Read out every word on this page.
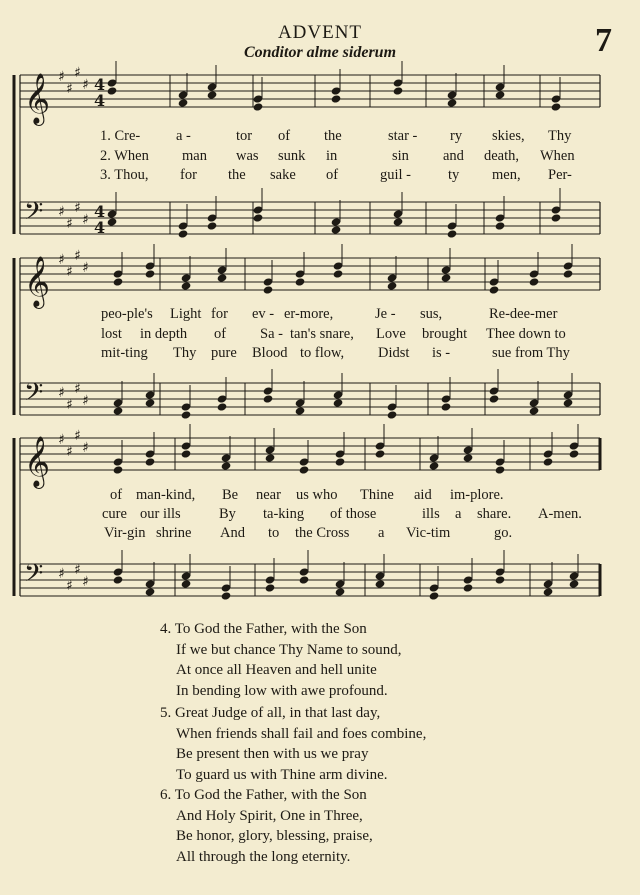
ADVENT
Conditor alme siderum	7
𝄞 ♯
♯
♯
♯ 4
4
𝄢 ♯
♯
♯
♯ 4
4
𝄞 ♯
♯
♯
♯
𝄢 ♯
♯
♯
♯
𝄞 ♯
♯
♯
♯
𝄢 ♯
♯
♯
♯
1. Cre- a -	tor of the	star - ry skies, Thy
2. When man was sunk in	sin and death, When
3. Thou, for the sake of	guil -	ty men, Per-
peo-ple's Light for ev - er-more,	Je - sus,	Re-dee-mer
lost in depth of Sa - tan's snare, Love brought Thee down to
mit-ting Thy pure Blood to flow, Didst is -	sue from Thy
of man-kind, Be near us who Thine aid im-plore.
cure our ills	By ta-king of those	ills a share. A-men.
Vir-gin shrine And to the Cross a Vic-tim	go.
4. To God the Father, with the Son
If we but chance Thy Name to sound,
At once all Heaven and hell unite
In bending low with awe profound.
5. Great Judge of all, in that last day,
When friends shall fail and foes combine,
Be present then with us we pray
To guard us with Thine arm divine.
6. To God the Father, with the Son
And Holy Spirit, One in Three,
Be honor, glory, blessing, praise,
All through the long eternity.
